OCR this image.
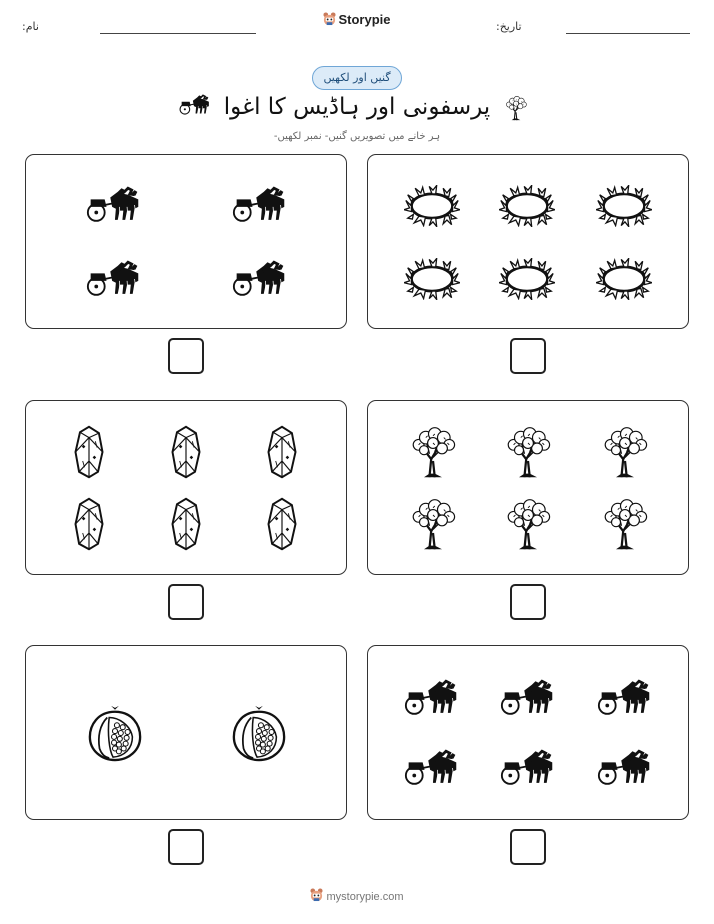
نام:	Storypie	تاریخ:
گنیں اور لکھیں
پرسفونی اور ہاڈیس کا اغوا
ہر خانے میں تصویریں گنیں- نمبر لکھیں-
mystorypie.com
